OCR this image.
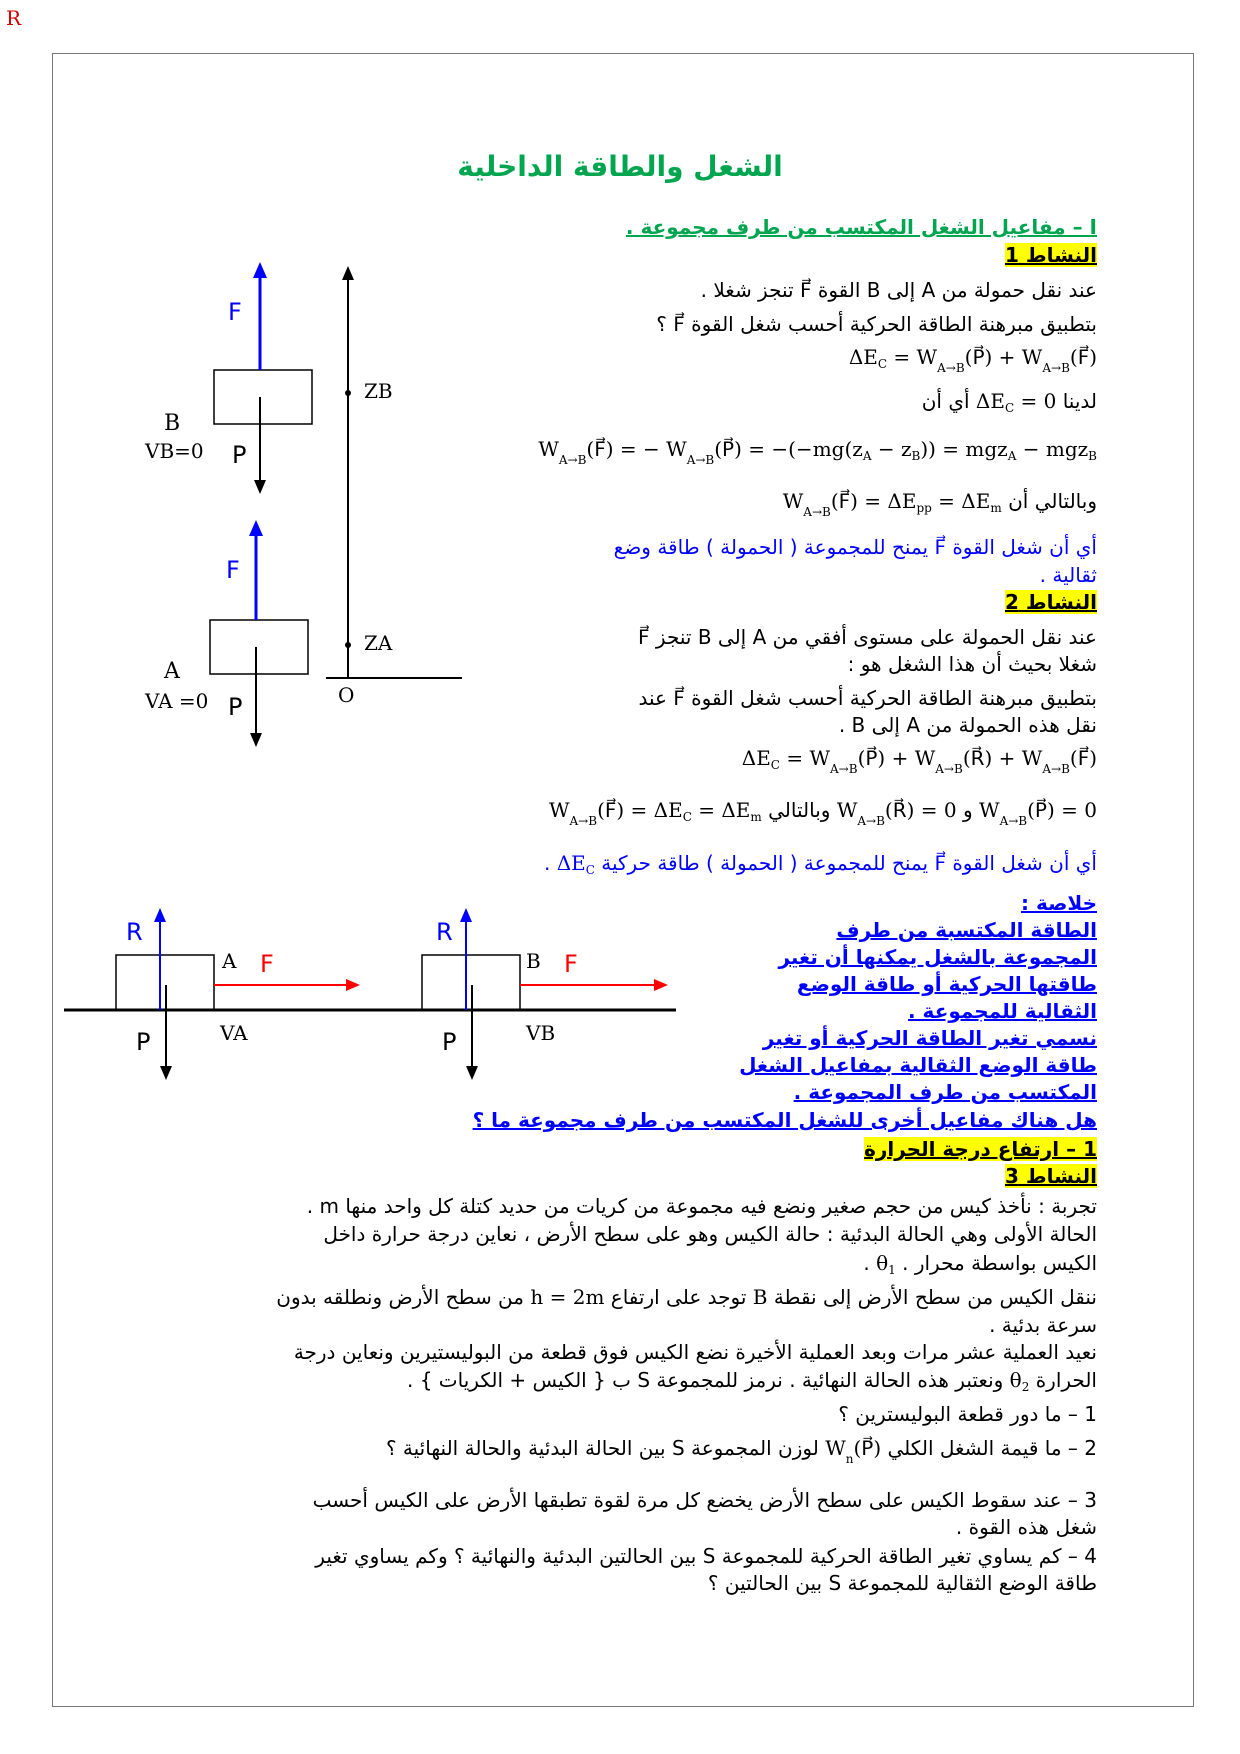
R
الشغل والطاقة الداخلية
I – مفاعيل الشغل المكتسب من طرف مجموعة .
النشاط 1
عند نقل حمولة من A إلى B القوة F⃗ تنجز شغلا .
بتطبيق مبرهنة الطاقة الحركية أحسب شغل القوة F⃗ ؟
$\Delta E_C$ = $W_{A\to B}(P⃗)$ + $W_{A\to B}(F⃗)$
لدينا $\Delta E_C = 0$ أي أن
$W_{A\to B}(F⃗)$ = − $W_{A\to B}(P⃗) = -(-mg(z_A - z_B)) = mgz_A - mgz_B$
وبالتالي أن $W_{A\to B}(F⃗) = \Delta E_{pp} = \Delta E_m$
أي أن شغل القوة F⃗ يمنح للمجموعة ( الحمولة ) طاقة وضع
ثقالية .
النشاط 2
عند نقل الحمولة على مستوى أفقي من A إلى B تنجز F⃗
شغلا بحيث أن هذا الشغل هو :
بتطبيق مبرهنة الطاقة الحركية أحسب شغل القوة F⃗ عند
نقل هذه الحمولة من A إلى B .
$\Delta E_C$ = $W_{A\to B}(P⃗)$ + $W_{A\to B}(R⃗)$ + $W_{A\to B}(F⃗)$
$W_{A\to B}(P⃗) = 0$ و $W_{A\to B}(R⃗) = 0$ وبالتالي $W_{A\to B}(F⃗) = \Delta E_C = \Delta E_m$
أي أن شغل القوة F⃗ يمنح للمجموعة ( الحمولة ) طاقة حركية $\Delta E_C$ .
خلاصة :
الطاقة المكتسبة من طرف
المجموعة بالشغل يمكنها أن تغير
طاقتها الحركية أو طاقة الوضع
الثقالية للمجموعة .
نسمي تغير الطاقة الحركية أو تغير
طاقة الوضع الثقالية بمفاعيل الشغل
المكتسب من طرف المجموعة .
هل هناك مفاعيل أخرى للشغل المكتسب من طرف مجموعة ما ؟
1 – ارتفاع درجة الحرارة
النشاط 3
تجربة : نأخذ كيس من حجم صغير ونضع فيه مجموعة من كريات من حديد كتلة كل واحد منها m .
الحالة الأولى وهي الحالة البدئية : حالة الكيس وهو على سطح الأرض ، نعاين درجة حرارة داخل
الكيس بواسطة محرار . $\theta_1$ .
ننقل الكيس من سطح الأرض إلى نقطة B توجد على ارتفاع h = 2m من سطح الأرض ونطلقه بدون
سرعة بدئية .
نعيد العملية عشر مرات وبعد العملية الأخيرة نضع الكيس فوق قطعة من البوليستيرين ونعاين درجة
الحرارة $\theta_2$ ونعتبر هذه الحالة النهائية . نرمز للمجموعة S ب { الكيس + الكريات } .
1 – ما دور قطعة البوليسترين ؟
2 – ما قيمة الشغل الكلي $W_n(P⃗)$ لوزن المجموعة S بين الحالة البدئية والحالة النهائية ؟
3 – عند سقوط الكيس على سطح الأرض يخضع كل مرة لقوة تطبقها الأرض على الكيس أحسب
شغل هذه القوة .
4 – كم يساوي تغير الطاقة الحركية للمجموعة S بين الحالتين البدئية والنهائية ؟ وكم يساوي تغير
طاقة الوضع الثقالية للمجموعة S بين الحالتين ؟
F
P
B
VB=0
F
P
A
VA =0
ZB
ZA
O
R
F
P
A
VA
R
F
P
B
VB
